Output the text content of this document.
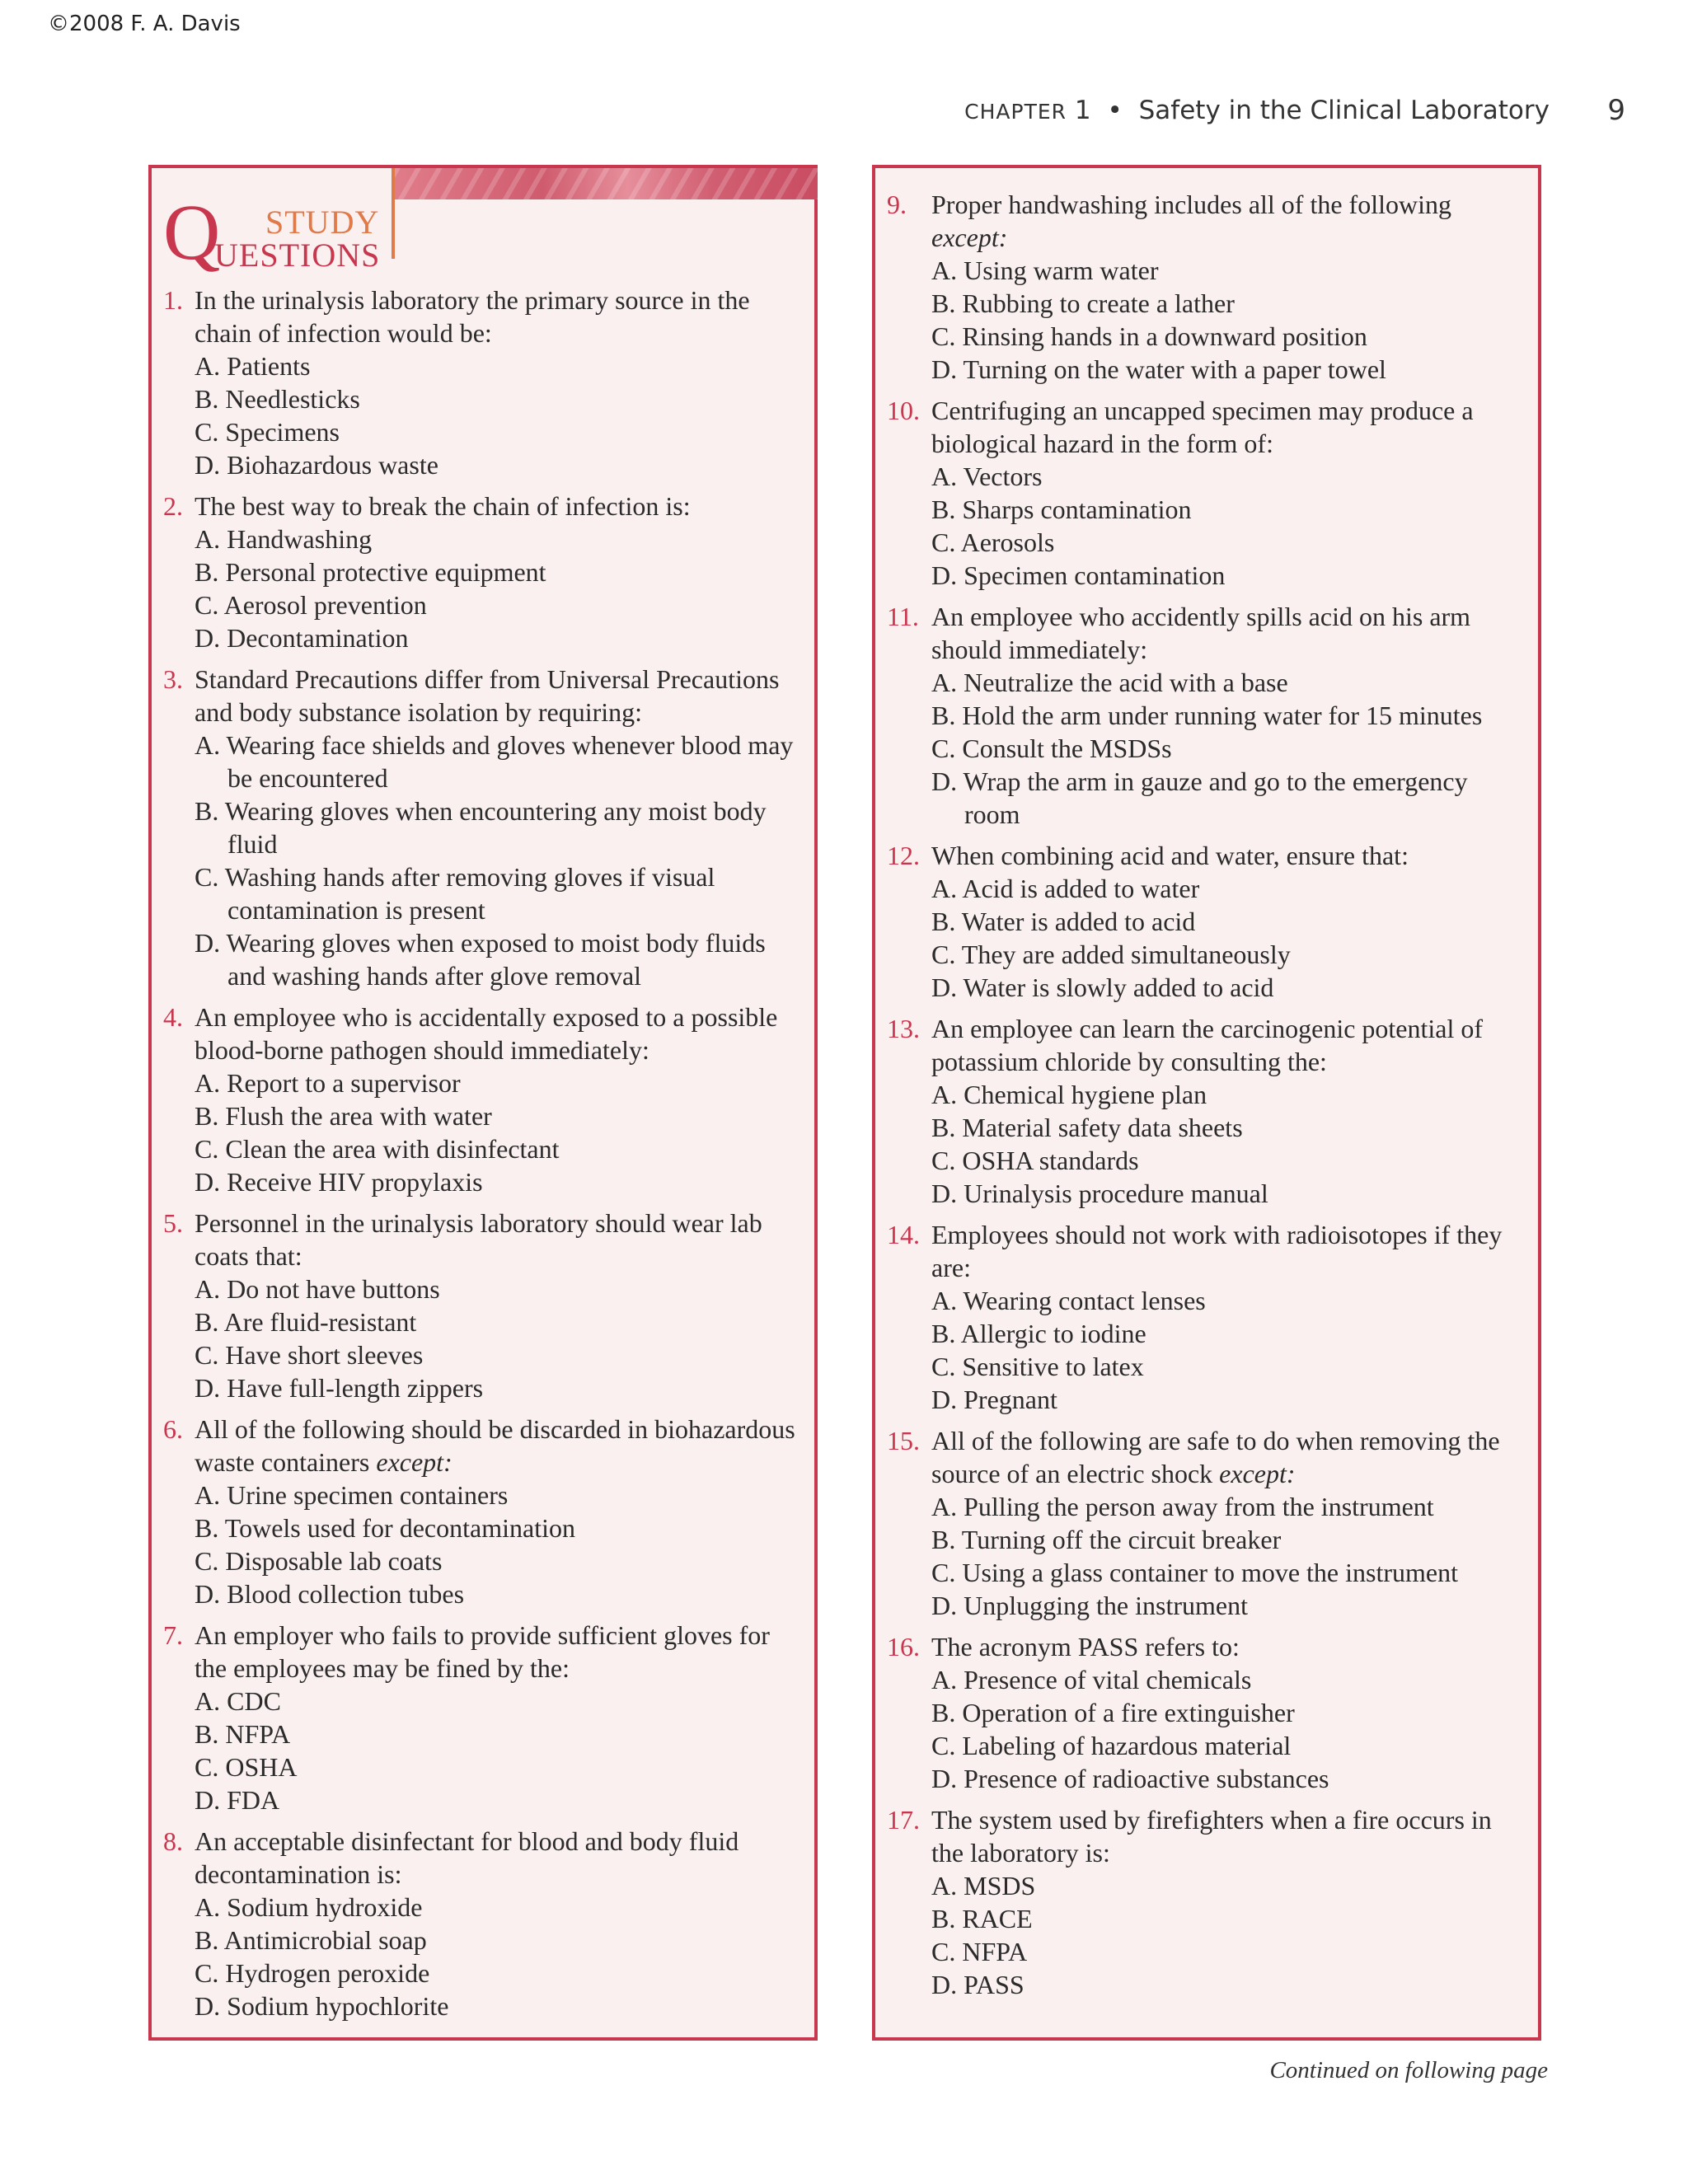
©2008 F. A. Davis
CHAPTER 1 • Safety in the Clinical Laboratory 9
Q STUDY
UESTIONS
1. In the urinalysis laboratory the primary source in the chain of infection would be:
A. Patients
B. Needlesticks
C. Specimens
D. Biohazardous waste
2. The best way to break the chain of infection is:
A. Handwashing
B. Personal protective equipment
C. Aerosol prevention
D. Decontamination
3. Standard Precautions differ from Universal Precautions and body substance isolation by requiring:
A. Wearing face shields and gloves whenever blood may be encountered
B. Wearing gloves when encountering any moist body fluid
C. Washing hands after removing gloves if visual contamination is present
D. Wearing gloves when exposed to moist body fluids and washing hands after glove removal
4. An employee who is accidentally exposed to a possible blood-borne pathogen should immediately:
A. Report to a supervisor
B. Flush the area with water
C. Clean the area with disinfectant
D. Receive HIV propylaxis
5. Personnel in the urinalysis laboratory should wear lab coats that:
A. Do not have buttons
B. Are fluid-resistant
C. Have short sleeves
D. Have full-length zippers
6. All of the following should be discarded in biohazardous waste containers except:
A. Urine specimen containers
B. Towels used for decontamination
C. Disposable lab coats
D. Blood collection tubes
7. An employer who fails to provide sufficient gloves for the employees may be fined by the:
A. CDC
B. NFPA
C. OSHA
D. FDA
8. An acceptable disinfectant for blood and body fluid decontamination is:
A. Sodium hydroxide
B. Antimicrobial soap
C. Hydrogen peroxide
D. Sodium hypochlorite
9. Proper handwashing includes all of the following except:
A. Using warm water
B. Rubbing to create a lather
C. Rinsing hands in a downward position
D. Turning on the water with a paper towel
10. Centrifuging an uncapped specimen may produce a biological hazard in the form of:
A. Vectors
B. Sharps contamination
C. Aerosols
D. Specimen contamination
11. An employee who accidently spills acid on his arm should immediately:
A. Neutralize the acid with a base
B. Hold the arm under running water for 15 minutes
C. Consult the MSDSs
D. Wrap the arm in gauze and go to the emergency room
12. When combining acid and water, ensure that:
A. Acid is added to water
B. Water is added to acid
C. They are added simultaneously
D. Water is slowly added to acid
13. An employee can learn the carcinogenic potential of potassium chloride by consulting the:
A. Chemical hygiene plan
B. Material safety data sheets
C. OSHA standards
D. Urinalysis procedure manual
14. Employees should not work with radioisotopes if they are:
A. Wearing contact lenses
B. Allergic to iodine
C. Sensitive to latex
D. Pregnant
15. All of the following are safe to do when removing the source of an electric shock except:
A. Pulling the person away from the instrument
B. Turning off the circuit breaker
C. Using a glass container to move the instrument
D. Unplugging the instrument
16. The acronym PASS refers to:
A. Presence of vital chemicals
B. Operation of a fire extinguisher
C. Labeling of hazardous material
D. Presence of radioactive substances
17. The system used by firefighters when a fire occurs in the laboratory is:
A. MSDS
B. RACE
C. NFPA
D. PASS
Continued on following page
